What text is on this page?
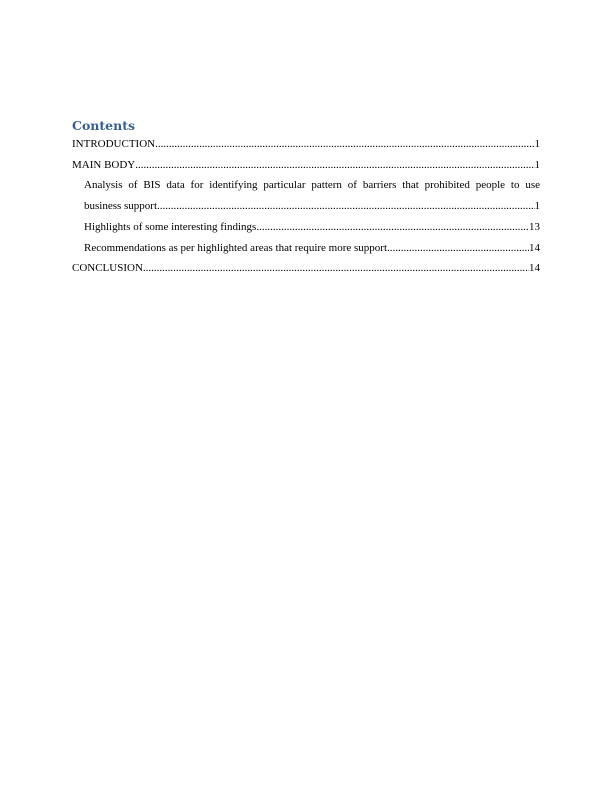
Contents
INTRODUCTION .....	1
MAIN BODY .....	1
Analysis of BIS data for identifying particular pattern of barriers that prohibited people to use
business support .....	1
Highlights of some interesting findings .....	13
Recommendations as per highlighted areas that require more support .....	14
CONCLUSION .....	14
